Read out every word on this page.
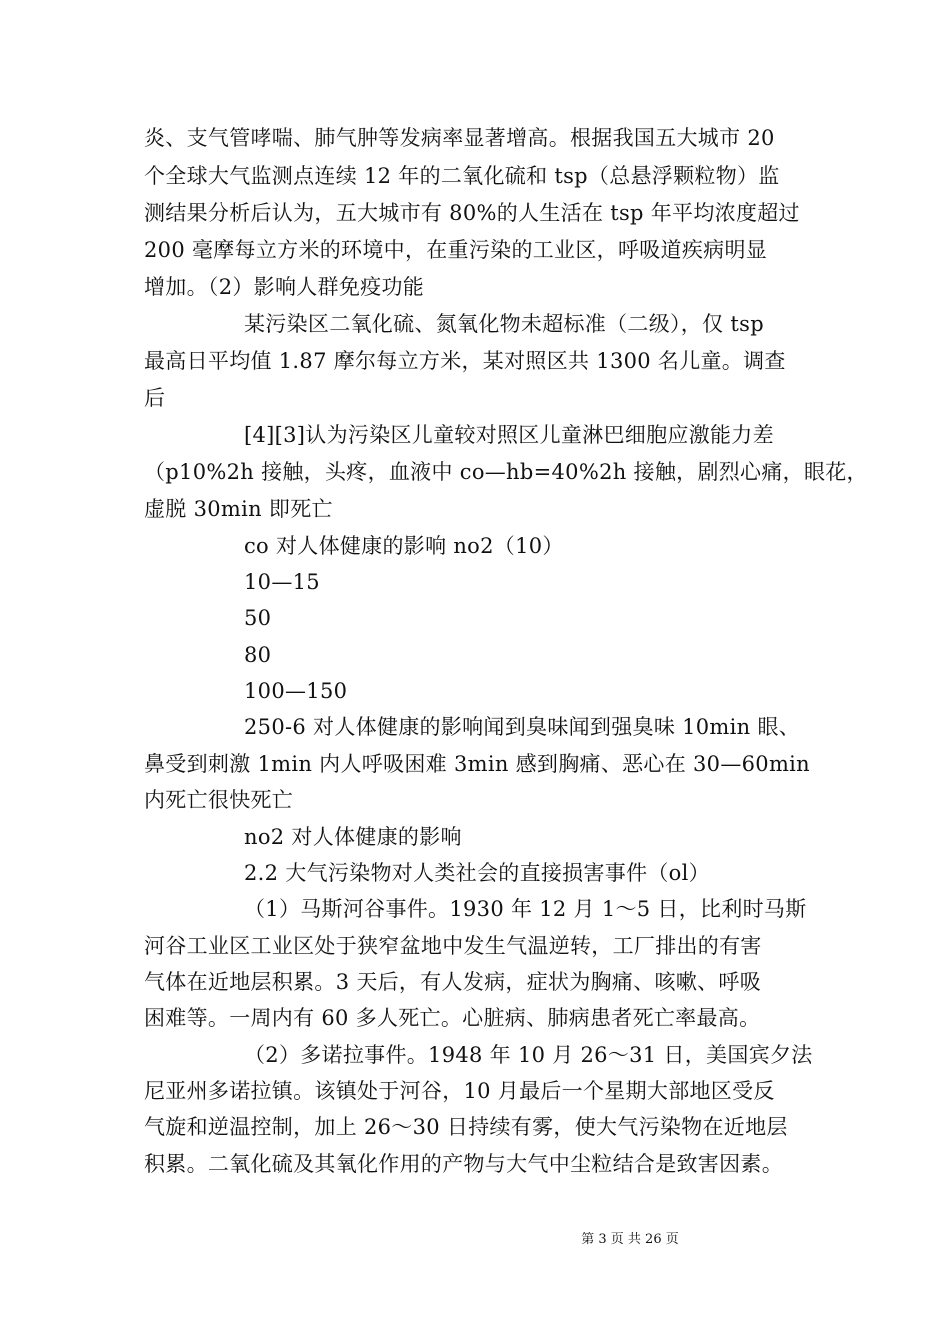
炎、支气管哮喘、肺气肿等发病率显著增高。根据我国五大城市 20
个全球大气监测点连续 12 年的二氧化硫和 tsp（总悬浮颗粒物）监
测结果分析后认为，五大城市有 80%的人生活在 tsp 年平均浓度超过
200 毫摩每立方米的环境中，在重污染的工业区，呼吸道疾病明显
增加。（2）影响人群免疫功能
某污染区二氧化硫、氮氧化物未超标准（二级），仅 tsp
最高日平均值 1.87 摩尔每立方米，某对照区共 1300 名儿童。调查
后
[4][3]认为污染区儿童较对照区儿童淋巴细胞应激能力差
（p10%2h 接触，头疼，血液中 co—hb=40%2h 接触，剧烈心痛，眼花，
虚脱 30min 即死亡
co 对人体健康的影响 no2（10）
10—15
50
80
100—150
250-6 对人体健康的影响闻到臭味闻到强臭味 10min 眼、
鼻受到刺激 1min 内人呼吸困难 3min 感到胸痛、恶心在 30—60min
内死亡很快死亡
no2 对人体健康的影响
2.2 大气污染物对人类社会的直接损害事件（ol）
（1）马斯河谷事件。1930 年 12 月 1～5 日，比利时马斯
河谷工业区工业区处于狭窄盆地中发生气温逆转，工厂排出的有害
气体在近地层积累。3 天后，有人发病，症状为胸痛、咳嗽、呼吸
困难等。一周内有 60 多人死亡。心脏病、肺病患者死亡率最高。
（2）多诺拉事件。1948 年 10 月 26～31 日，美国宾夕法
尼亚州多诺拉镇。该镇处于河谷，10 月最后一个星期大部地区受反
气旋和逆温控制，加上 26～30 日持续有雾，使大气污染物在近地层
积累。二氧化硫及其氧化作用的产物与大气中尘粒结合是致害因素。
第 3 页 共 26 页
